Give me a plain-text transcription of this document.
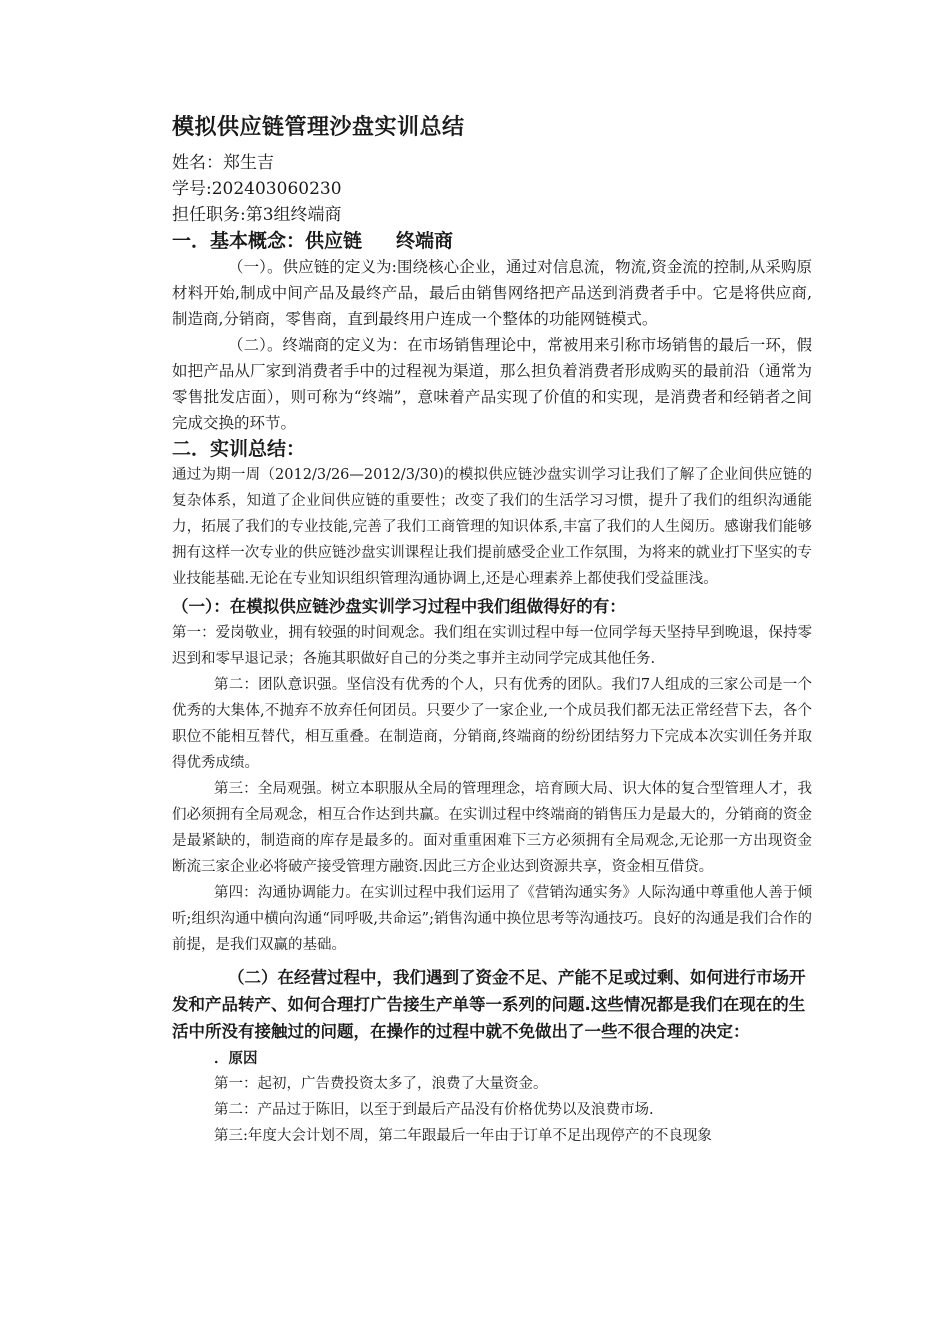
模拟供应链管理沙盘实训总结
姓名：郑生吉
学号:202403060230
担任职务:第3组终端商
一．基本概念：供应链 终端商

（一）。供应链的定义为:围绕核心企业，通过对信息流，物流,资金流的控制,从采购原材料开始,制成中间产品及最终产品，最后由销售网络把产品送到消费者手中。它是将供应商,制造商,分销商，零售商，直到最终用户连成一个整体的功能网链模式。

（二）。终端商的定义为：在市场销售理论中，常被用来引称市场销售的最后一环，假如把产品从厂家到消费者手中的过程视为渠道，那么担负着消费者形成购买的最前沿（通常为零售批发店面），则可称为“终端”，意味着产品实现了价值的和实现，是消费者和经销者之间完成交换的环节。

二．实训总结：

通过为期一周（2012/3/26—2012/3/30)的模拟供应链沙盘实训学习让我们了解了企业间供应链的复杂体系，知道了企业间供应链的重要性；改变了我们的生活学习习惯，提升了我们的组织沟通能力，拓展了我们的专业技能,完善了我们工商管理的知识体系,丰富了我们的人生阅历。感谢我们能够拥有这样一次专业的供应链沙盘实训课程让我们提前感受企业工作氛围，为将来的就业打下坚实的专业技能基础.无论在专业知识组织管理沟通协调上,还是心理素养上都使我们受益匪浅。

（一）：在模拟供应链沙盘实训学习过程中我们组做得好的有：

第一：爱岗敬业，拥有较强的时间观念。我们组在实训过程中每一位同学每天坚持早到晚退，保持零迟到和零早退记录；各施其职做好自己的分类之事并主动同学完成其他任务.

第二：团队意识强。坚信没有优秀的个人，只有优秀的团队。我们7人组成的三家公司是一个优秀的大集体,不抛弃不放弃任何团员。只要少了一家企业,一个成员我们都无法正常经营下去，各个职位不能相互替代，相互重叠。在制造商，分销商,终端商的纷纷团结努力下完成本次实训任务并取得优秀成绩。

第三：全局观强。树立本职服从全局的管理理念，培育顾大局、识大体的复合型管理人才，我们必须拥有全局观念，相互合作达到共赢。在实训过程中终端商的销售压力是最大的，分销商的资金是最紧缺的，制造商的库存是最多的。面对重重困难下三方必须拥有全局观念,无论那一方出现资金断流三家企业必将破产接受管理方融资.因此三方企业达到资源共享，资金相互借贷。

第四：沟通协调能力。在实训过程中我们运用了《营销沟通实务》人际沟通中尊重他人善于倾听;组织沟通中横向沟通“同呼吸,共命运”;销售沟通中换位思考等沟通技巧。良好的沟通是我们合作的前提，是我们双赢的基础。

（二）在经营过程中，我们遇到了资金不足、产能不足或过剩、如何进行市场开发和产品转产、如何合理打广告接生产单等一系列的问题.这些情况都是我们在现在的生活中所没有接触过的问题，在操作的过程中就不免做出了一些不很合理的决定：
．原因

第一：起初，广告费投资太多了，浪费了大量资金。

第二：产品过于陈旧，以至于到最后产品没有价格优势以及浪费市场.

第三:年度大会计划不周，第二年跟最后一年由于订单不足出现停产的不良现象
